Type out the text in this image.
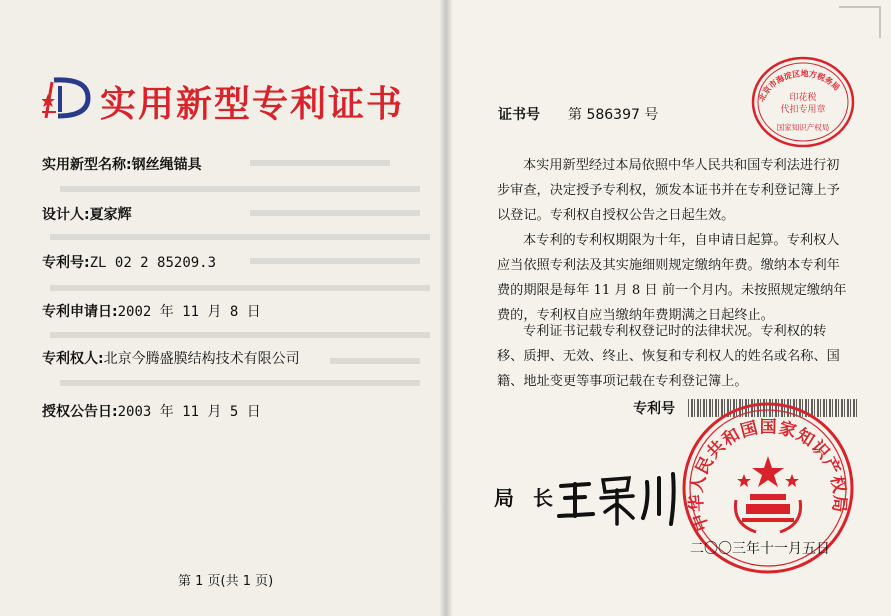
实用新型专利证书
实用新型名称:钢丝绳锚具
设计人:夏家辉
专利号:ZL 02 2 85209.3
专利申请日:2002 年 11 月 8 日
专利权人:北京今腾盛膜结构技术有限公司
授权公告日:2003 年 11 月 5 日
第 1 页(共 1 页)
北京市海淀区地方税务局
印花税
代扣专用章
国家知识产权局
证书号 第 586397 号
本实用新型经过本局依照中华人民共和国专利法进行初步审查，决定授予专利权，颁发本证书并在专利登记簿上予以登记。专利权自授权公告之日起生效。
本专利的专利权期限为十年，自申请日起算。专利权人应当依照专利法及其实施细则规定缴纳年费。缴纳本专利年费的期限是每年 11 月 8 日 前一个月内。未按照规定缴纳年费的，专利权自应当缴纳年费期满之日起终止。
专利证书记载专利权登记时的法律状况。专利权的转移、质押、无效、终止、恢复和专利权人的姓名或名称、国籍、地址变更等事项记载在专利登记簿上。
专利号
中华人民共和国国家知识产权局
局 长
二〇〇三年十一月五日
